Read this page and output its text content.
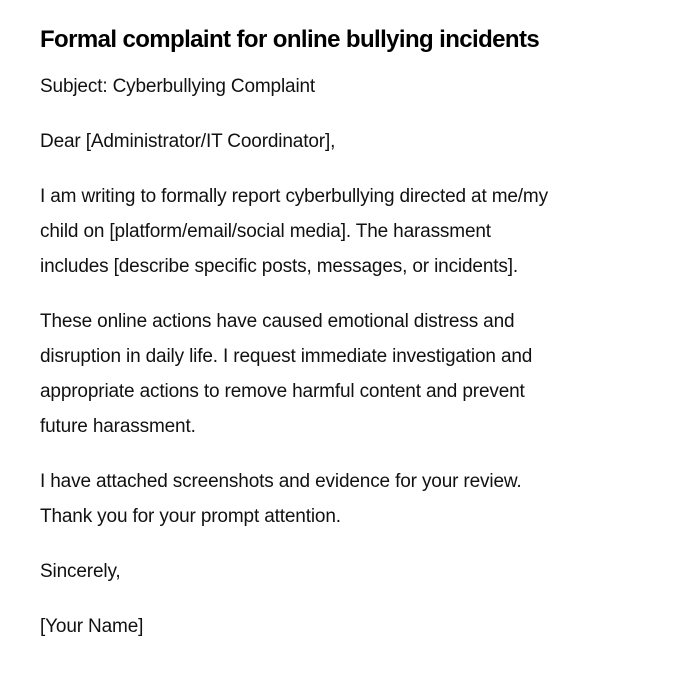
Formal complaint for online bullying incidents

Subject: Cyberbullying Complaint

Dear [Administrator/IT Coordinator],

I am writing to formally report cyberbullying directed at me/my
child on [platform/email/social media]. The harassment
includes [describe specific posts, messages, or incidents].

These online actions have caused emotional distress and
disruption in daily life. I request immediate investigation and
appropriate actions to remove harmful content and prevent
future harassment.

I have attached screenshots and evidence for your review.
Thank you for your prompt attention.

Sincerely,

[Your Name]
